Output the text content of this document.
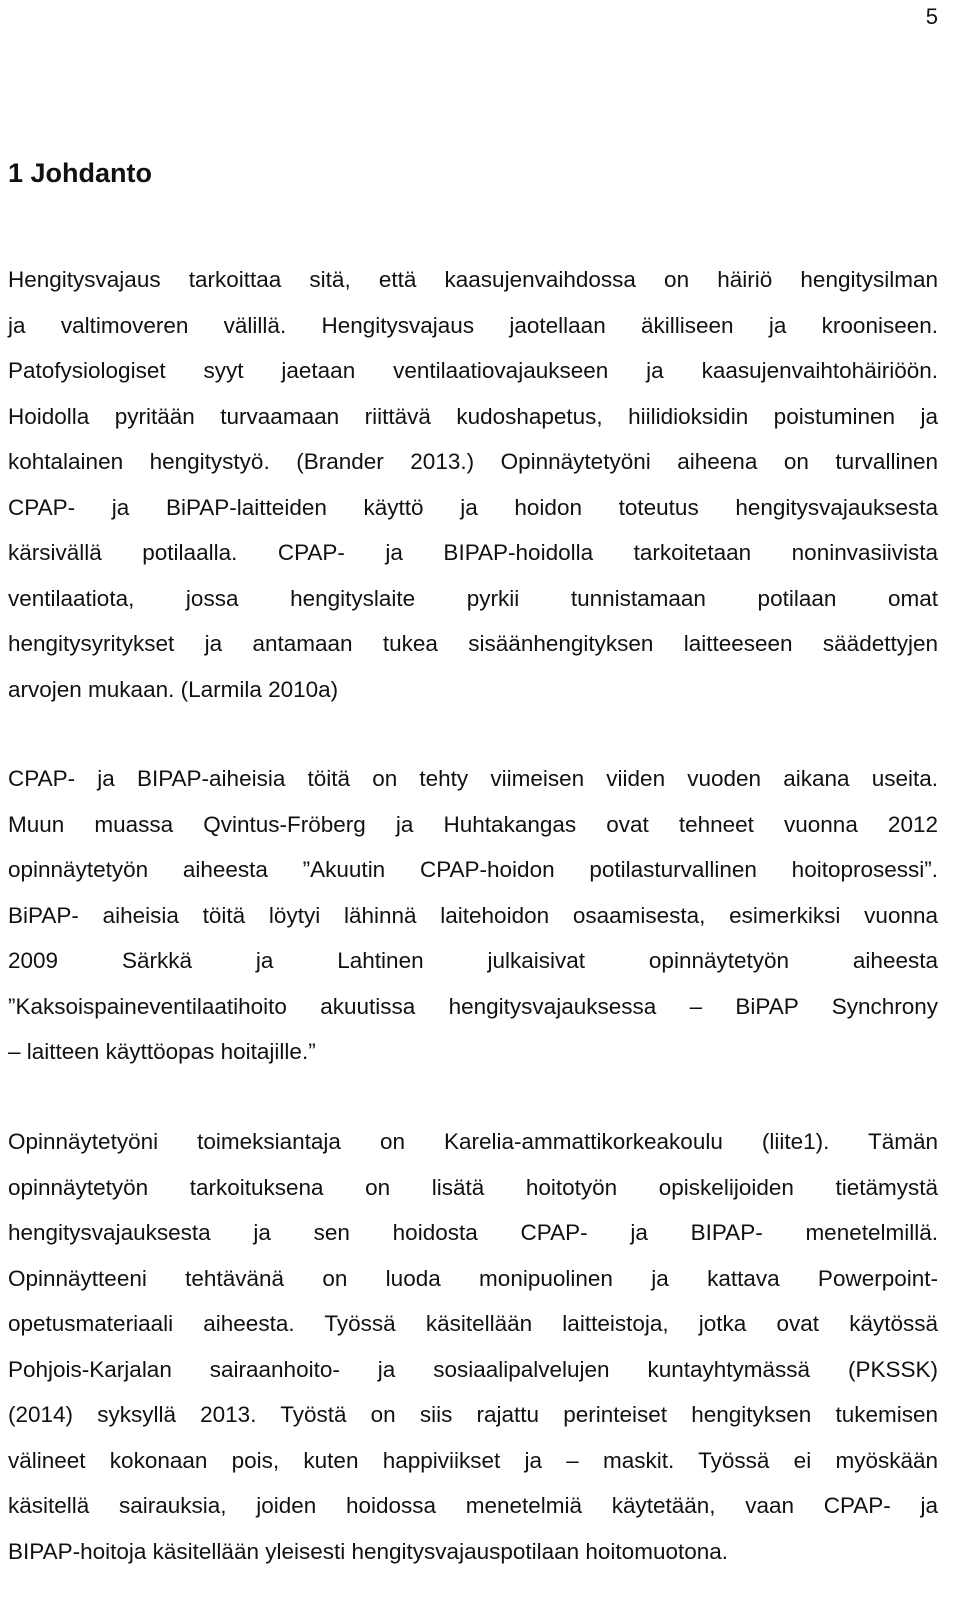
5
1 Johdanto
Hengitysvajaus tarkoittaa sitä, että kaasujenvaihdossa on häiriö hengitysilman
ja valtimoveren välillä. Hengitysvajaus jaotellaan äkilliseen ja krooniseen.
Patofysiologiset syyt jaetaan ventilaatiovajaukseen ja kaasujenvaihtohäiriöön.
Hoidolla pyritään turvaamaan riittävä kudoshapetus, hiilidioksidin poistuminen ja
kohtalainen hengitystyö. (Brander 2013.) Opinnäytetyöni aiheena on turvallinen
CPAP- ja BiPAP-laitteiden käyttö ja hoidon toteutus hengitysvajauksesta
kärsivällä potilaalla. CPAP- ja BIPAP-hoidolla tarkoitetaan noninvasiivista
ventilaatiota, jossa hengityslaite pyrkii tunnistamaan potilaan omat
hengitysyritykset ja antamaan tukea sisäänhengityksen laitteeseen säädettyjen
arvojen mukaan. (Larmila 2010a)
CPAP- ja BIPAP-aiheisia töitä on tehty viimeisen viiden vuoden aikana useita.
Muun muassa Qvintus-Fröberg ja Huhtakangas ovat tehneet vuonna 2012
opinnäytetyön aiheesta ”Akuutin CPAP-hoidon potilasturvallinen hoitoprosessi”.
BiPAP- aiheisia töitä löytyi lähinnä laitehoidon osaamisesta, esimerkiksi vuonna
2009 Särkkä ja Lahtinen julkaisivat opinnäytetyön aiheesta
”Kaksoispaineventilaatihoito akuutissa hengitysvajauksessa – BiPAP Synchrony
– laitteen käyttöopas hoitajille.”
Opinnäytetyöni toimeksiantaja on Karelia-ammattikorkeakoulu (liite1). Tämän
opinnäytetyön tarkoituksena on lisätä hoitotyön opiskelijoiden tietämystä
hengitysvajauksesta ja sen hoidosta CPAP- ja BIPAP- menetelmillä.
Opinnäytteeni tehtävänä on luoda monipuolinen ja kattava Powerpoint-
opetusmateriaali aiheesta. Työssä käsitellään laitteistoja, jotka ovat käytössä
Pohjois-Karjalan sairaanhoito- ja sosiaalipalvelujen kuntayhtymässä (PKSSK)
(2014) syksyllä 2013. Työstä on siis rajattu perinteiset hengityksen tukemisen
välineet kokonaan pois, kuten happiviikset ja – maskit. Työssä ei myöskään
käsitellä sairauksia, joiden hoidossa menetelmiä käytetään, vaan CPAP- ja
BIPAP-hoitoja käsitellään yleisesti hengitysvajauspotilaan hoitomuotona.
